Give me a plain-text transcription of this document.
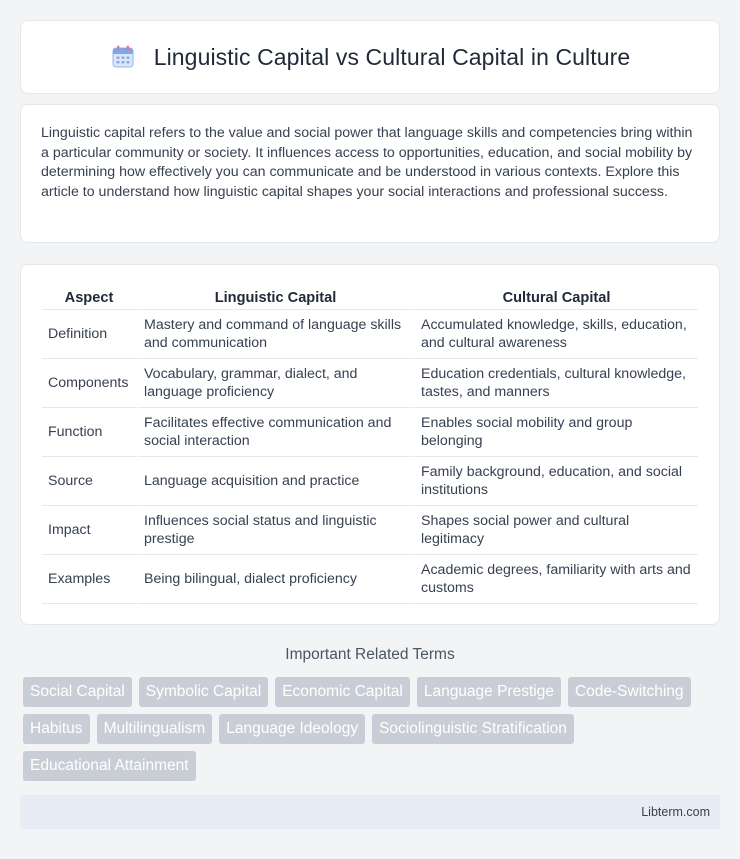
Linguistic Capital vs Cultural Capital in Culture

Linguistic capital refers to the value and social power that language skills and competencies bring within a particular community or society. It influences access to opportunities, education, and social mobility by determining how effectively you can communicate and be understood in various contexts. Explore this article to understand how linguistic capital shapes your social interactions and professional success.

Aspect	Linguistic Capital	Cultural Capital
Definition	Mastery and command of language skills and communication	Accumulated knowledge, skills, education, and cultural awareness
Components	Vocabulary, grammar, dialect, and language proficiency	Education credentials, cultural knowledge, tastes, and manners
Function	Facilitates effective communication and social interaction	Enables social mobility and group belonging
Source	Language acquisition and practice	Family background, education, and social institutions
Impact	Influences social status and linguistic prestige	Shapes social power and cultural legitimacy
Examples	Being bilingual, dialect proficiency	Academic degrees, familiarity with arts and customs
Important Related Terms
Social Capital	Symbolic Capital	Economic Capital	Language Prestige	Code-Switching
Habitus	Multilingualism	Language Ideology	Sociolinguistic Stratification
Educational Attainment
Libterm.com
